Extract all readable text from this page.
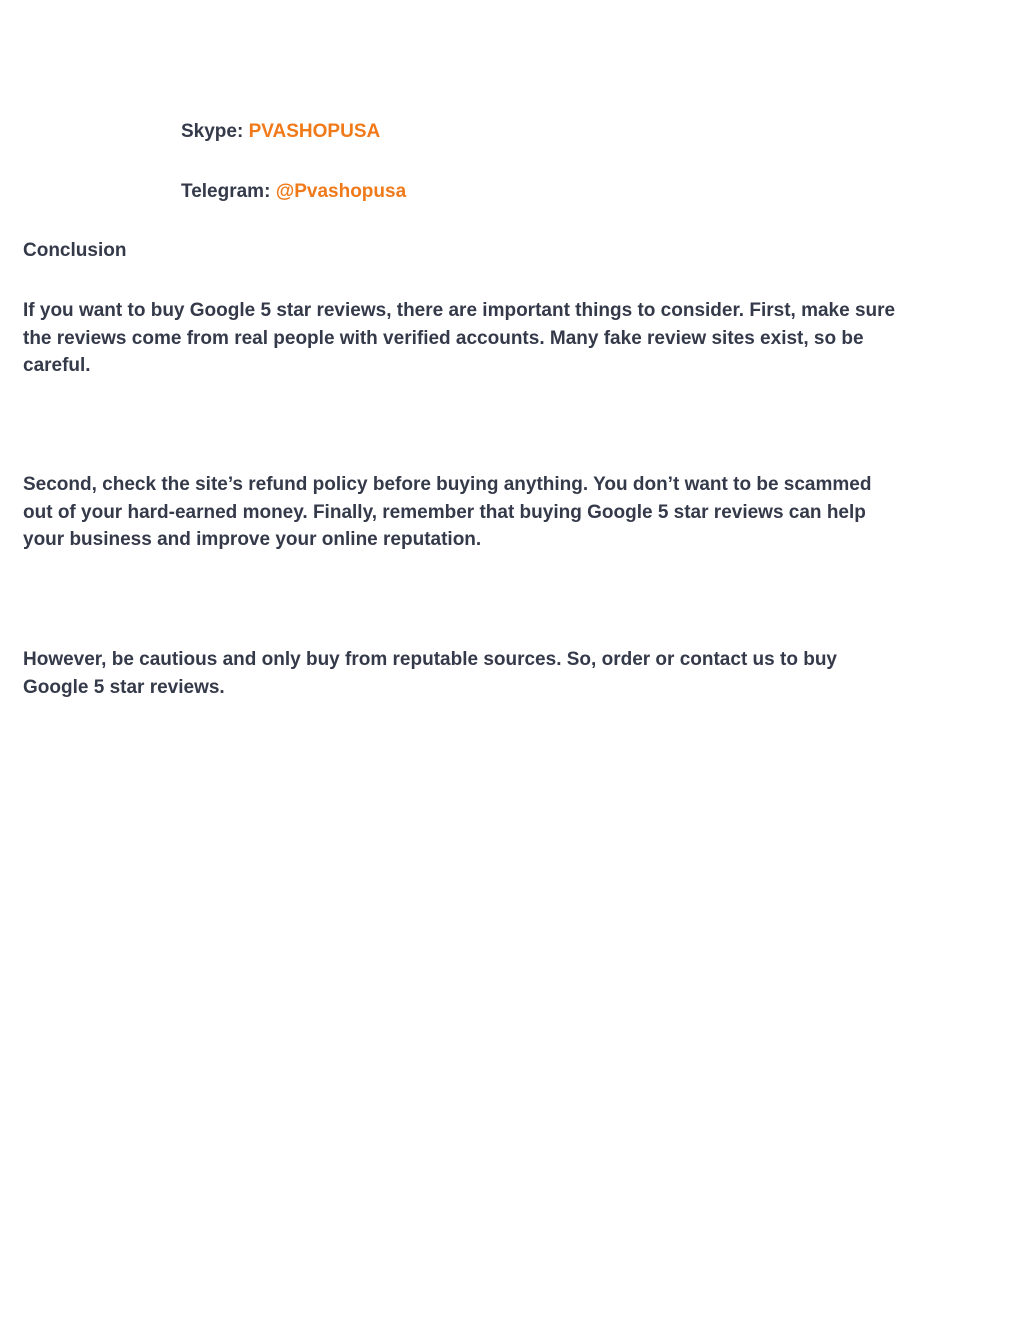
Skype: PVASHOPUSA
Telegram: @Pvashopusa
Conclusion

If you want to buy Google 5 star reviews, there are important things to consider. First, make sure the reviews come from real people with verified accounts. Many fake review sites exist, so be careful.

Second, check the site’s refund policy before buying anything. You don’t want to be scammed out of your hard-earned money. Finally, remember that buying Google 5 star reviews can help your business and improve your online reputation.

However, be cautious and only buy from reputable sources. So, order or contact us to buy Google 5 star reviews.
